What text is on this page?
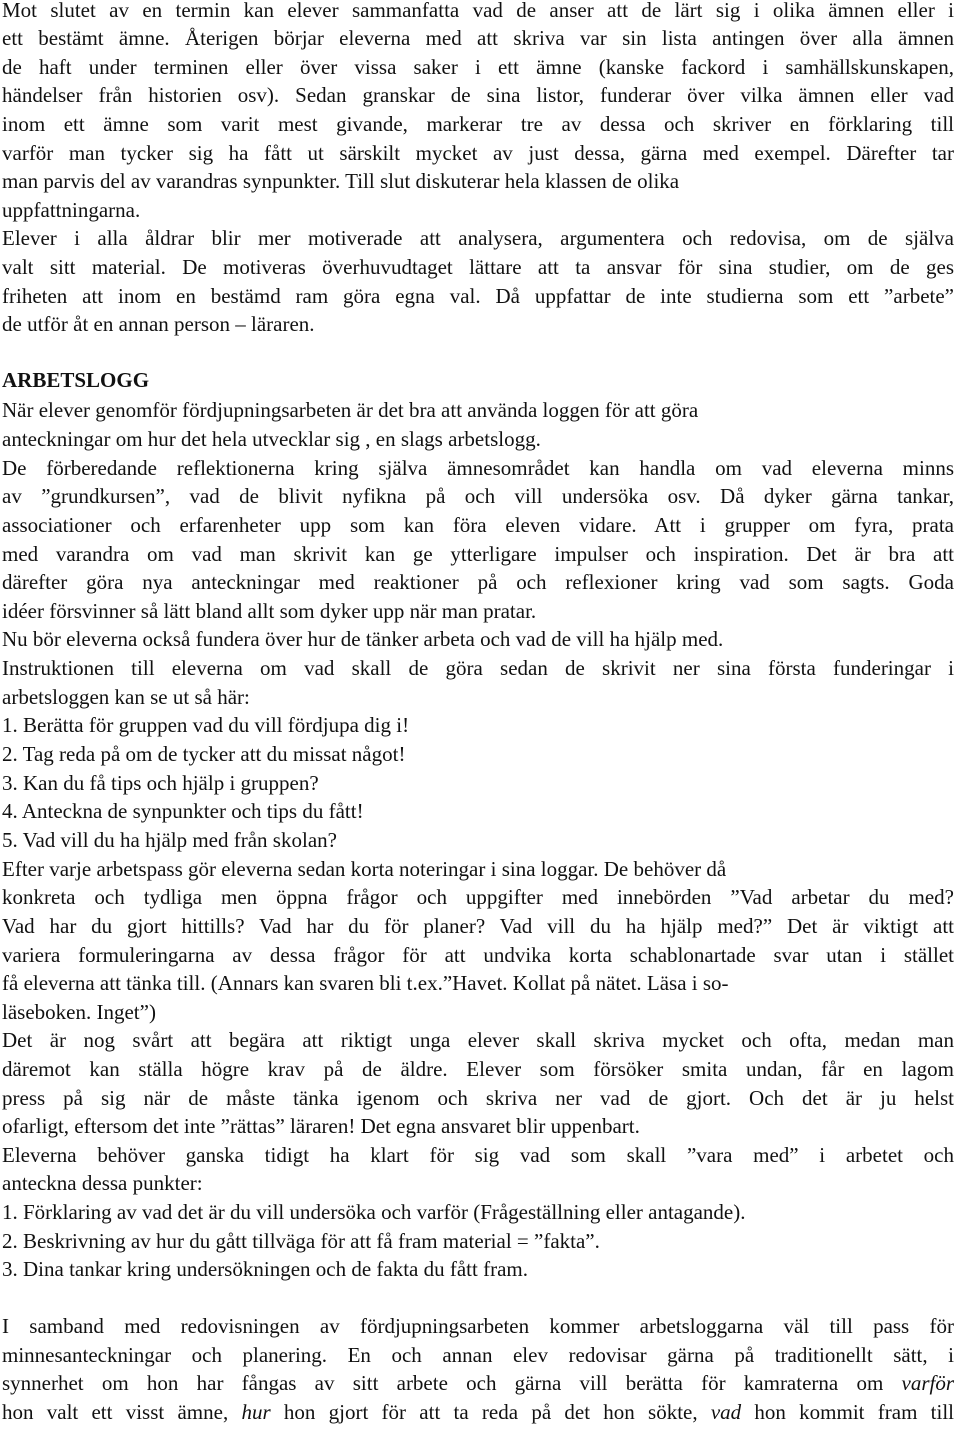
Mot slutet av en termin kan elever sammanfatta vad de anser att de lärt sig i olika ämnen eller i
ett bestämt ämne. Återigen börjar eleverna med att skriva var sin lista antingen över alla ämnen
de haft under terminen eller över vissa saker i ett ämne (kanske fackord i samhällskunskapen,
händelser från historien osv). Sedan granskar de sina listor, funderar över vilka ämnen eller vad
inom ett ämne som varit mest givande, markerar tre av dessa och skriver en förklaring till
varför man tycker sig ha fått ut särskilt mycket av just dessa, gärna med exempel. Därefter tar
man parvis del av varandras synpunkter. Till slut diskuterar hela klassen de olika
uppfattningarna.
Elever i alla åldrar blir mer motiverade att analysera, argumentera och redovisa, om de själva
valt sitt material. De motiveras överhuvudtaget lättare att ta ansvar för sina studier, om de ges
friheten att inom en bestämd ram göra egna val. Då uppfattar de inte studierna som ett ”arbete”
de utför åt en annan person – läraren.
ARBETSLOGG
När elever genomför fördjupningsarbeten är det bra att använda loggen för att göra
anteckningar om hur det hela utvecklar sig , en slags arbetslogg.
De förberedande reflektionerna kring själva ämnesområdet kan handla om vad eleverna minns
av ”grundkursen”, vad de blivit nyfikna på och vill undersöka osv. Då dyker gärna tankar,
associationer och erfarenheter upp som kan föra eleven vidare. Att i grupper om fyra, prata
med varandra om vad man skrivit kan ge ytterligare impulser och inspiration. Det är bra att
därefter göra nya anteckningar med reaktioner på och reflexioner kring vad som sagts. Goda
idéer försvinner så lätt bland allt som dyker upp när man pratar.
Nu bör eleverna också fundera över hur de tänker arbeta och vad de vill ha hjälp med.
Instruktionen till eleverna om vad skall de göra sedan de skrivit ner sina första funderingar i
arbetsloggen kan se ut så här:
1. Berätta för gruppen vad du vill fördjupa dig i!
2. Tag reda på om de tycker att du missat något!
3. Kan du få tips och hjälp i gruppen?
4. Anteckna de synpunkter och tips du fått!
5. Vad vill du ha hjälp med från skolan?
Efter varje arbetspass gör eleverna sedan korta noteringar i sina loggar. De behöver då
konkreta och tydliga men öppna frågor och uppgifter med innebörden ”Vad arbetar du med?
Vad har du gjort hittills? Vad har du för planer? Vad vill du ha hjälp med?” Det är viktigt att
variera formuleringarna av dessa frågor för att undvika korta schablonartade svar utan i stället
få eleverna att tänka till. (Annars kan svaren bli t.ex.”Havet. Kollat på nätet. Läsa i so-
läseboken. Inget”)
Det är nog svårt att begära att riktigt unga elever skall skriva mycket och ofta, medan man
däremot kan ställa högre krav på de äldre. Elever som försöker smita undan, får en lagom
press på sig när de måste tänka igenom och skriva ner vad de gjort. Och det är ju helst
ofarligt, eftersom det inte ”rättas” läraren! Det egna ansvaret blir uppenbart.
Eleverna behöver ganska tidigt ha klart för sig vad som skall ”vara med” i arbetet och
anteckna dessa punkter:
1. Förklaring av vad det är du vill undersöka och varför (Frågeställning eller antagande).
2. Beskrivning av hur du gått tillväga för att få fram material = ”fakta”.
3. Dina tankar kring undersökningen och de fakta du fått fram.
I samband med redovisningen av fördjupningsarbeten kommer arbetsloggarna väl till pass för
minnesanteckningar och planering. En och annan elev redovisar gärna på traditionellt sätt, i
synnerhet om hon har fångas av sitt arbete och gärna vill berätta för kamraterna om varför
hon valt ett visst ämne, hur hon gjort för att ta reda på det hon sökte, vad hon kommit fram till
